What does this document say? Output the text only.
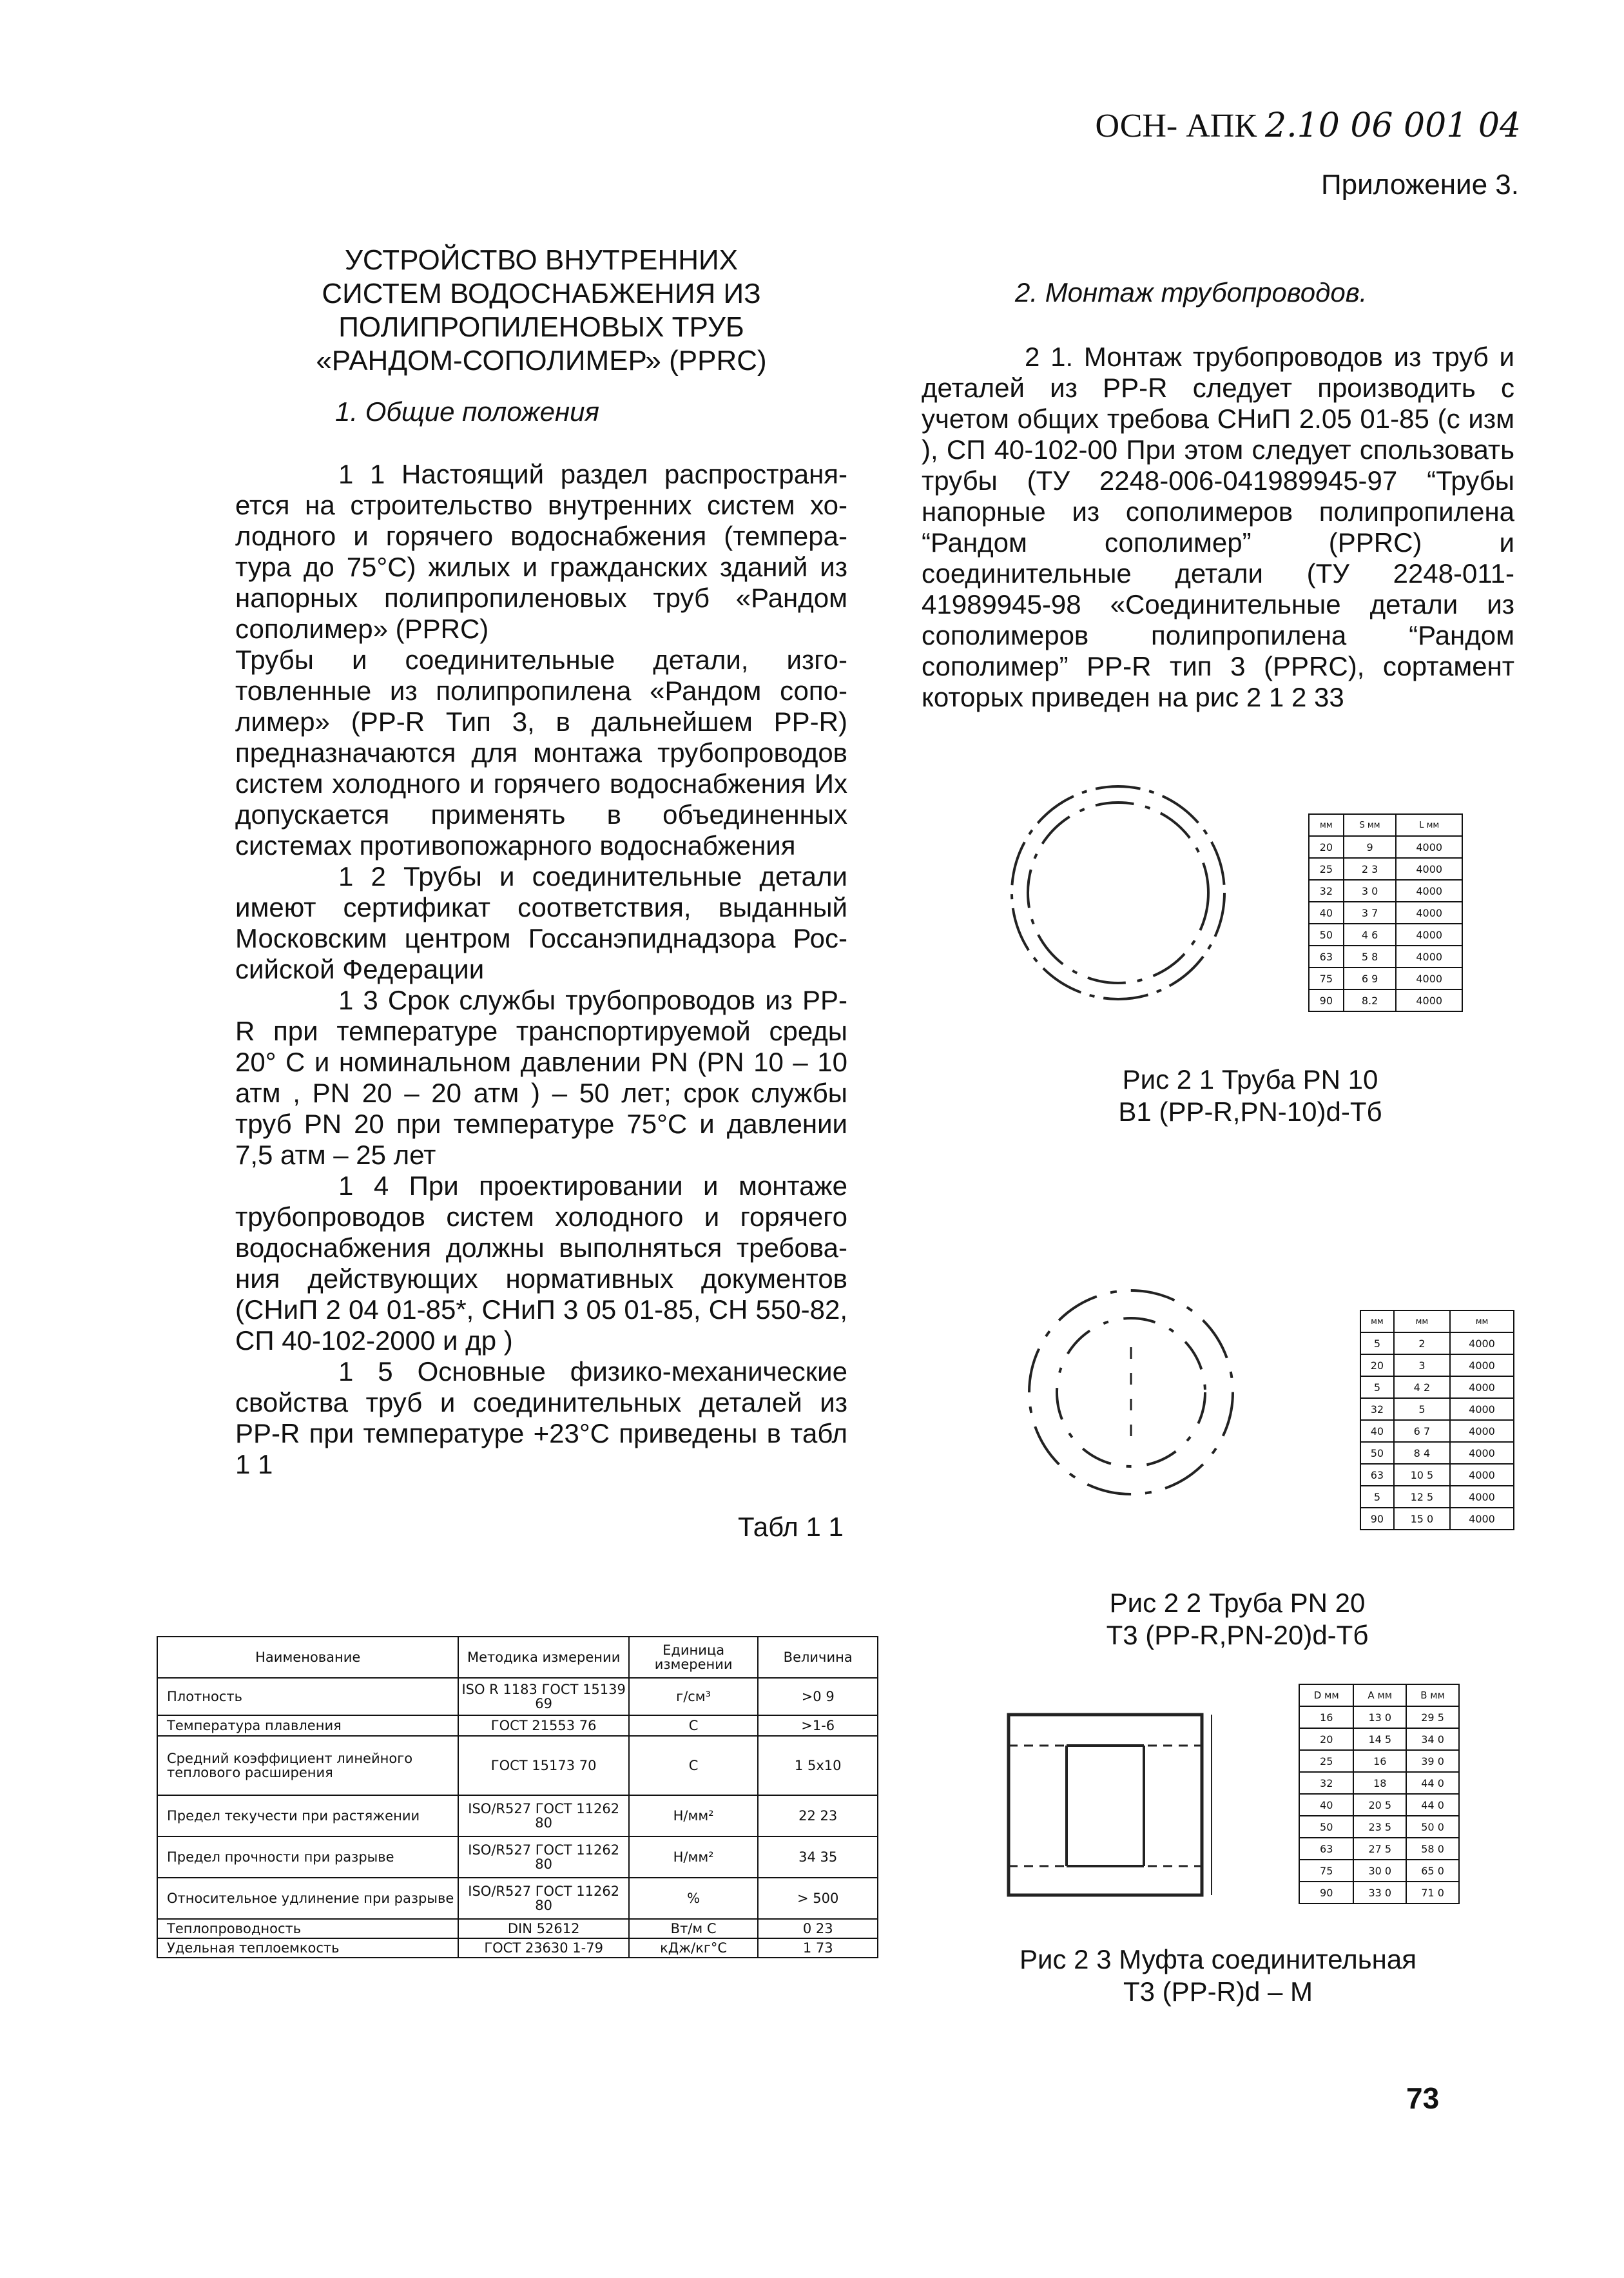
ОСН- АПК 2.10 06 001 04
Приложение 3.
УСТРОЙСТВО ВНУТРЕННИХ
СИСТЕМ ВОДОСНАБЖЕНИЯ ИЗ
ПОЛИПРОПИЛЕНОВЫХ ТРУБ
«РАНДОМ-СОПОЛИМЕР» (PPRC)
1. Общие положения

1 1 Настоящий раздел распространя-ется на строительство внутренних систем хо-лодного и горячего водоснабжения (темпера-тура до 75°С) жилых и гражданских зданий из напорных полипропиленовых труб «Рандом сополимер» (PPRC)

Трубы и соединительные детали, изго-товленные из полипропилена «Рандом сопо-лимер» (PP-R Тип 3, в дальнейшем PP-R) предназначаются для монтажа трубопроводов систем холодного и горячего водоснабжения Их допускается применять в объединенных системах противопожарного водоснабжения

1 2 Трубы и соединительные детали имеют сертификат соответствия, выданный Московским центром Госсанэпиднадзора Рос-сийской Федерации

1 3 Срок службы трубопроводов из PP-R при температуре транспортируемой среды 20° С и номинальном давлении PN (PN 10 – 10 атм , PN 20 – 20 атм ) – 50 лет; срок службы труб PN 20 при температуре 75°С и давлении 7,5 атм – 25 лет

1 4 При проектировании и монтаже трубопроводов систем холодного и горячего водоснабжения должны выполняться требова-ния действующих нормативных документов (СНиП 2 04 01-85*, СНиП 3 05 01-85, СН 550-82, СП 40-102-2000 и др )

1 5 Основные физико-механические свойства труб и соединительных деталей из PP-R при температуре +23°С приведены в табл 1 1

Табл 1 1
Наименование	Методика измерении	Единица измерении	Величина
Плотность	ISO R 1183 ГОСТ 15139 69	г/см³	>0 9
Температура плавления	ГОСТ 21553 76	С	>1-6
Средний коэффициент линейного теплового расширения	ГОСТ 15173 70	С	1 5х10
Предел текучести при растяжении	ISO/R527 ГОСТ 11262 80	Н/мм²	22 23
Предел прочности при разрыве	ISO/R527 ГОСТ 11262 80	Н/мм²	34 35
Относительное удлинение при разрыве	ISO/R527 ГОСТ 11262 80	%	> 500
Теплопроводность	DIN 52612	Вт/м С	0 23
Удельная теплоемкость	ГОСТ 23630 1-79	кДж/кг°С	1 73
2. Монтаж трубопроводов.
2 1. Монтаж трубопроводов из труб и деталей из PP-R следует производить с учетом общих требова СНиП 2.05 01-85 (с изм ), СП 40-102-00 При этом следует спользовать трубы (ТУ 2248-006-041989945-97 “Трубы напорные из сополимеров полипропилена “Рандом сополимер” (PPRC) и соединительные детали (ТУ 2248-011-41989945-98 «Соединительные детали из сополимеров полипропилена “Рандом сополимер” PP-R тип 3 (PPRC), сортамент которых приведен на рис 2 1 2 33
мм	S мм	L мм
20	9	4000
25	2 3	4000
32	3 0	4000
40	3 7	4000
50	4 6	4000
63	5 8	4000
75	6 9	4000
90	8.2	4000
Рис 2 1 Труба PN 10
В1 (PP-R,PN-10)d-Tб
мм	мм	мм
5	2	4000
20	3	4000
5	4 2	4000
32	5	4000
40	6 7	4000
50	8 4	4000
63	10 5	4000
5	12 5	4000
90	15 0	4000
Рис 2 2 Труба PN 20
Т3 (PP-R,PN-20)d-Tб
D мм	A мм	B мм
16	13 0	29 5
20	14 5	34 0
25	16	39 0
32	18	44 0
40	20 5	44 0
50	23 5	50 0
63	27 5	58 0
75	30 0	65 0
90	33 0	71 0
Рис 2 3 Муфта соединительная
Т3 (PP-R)d – M
73
